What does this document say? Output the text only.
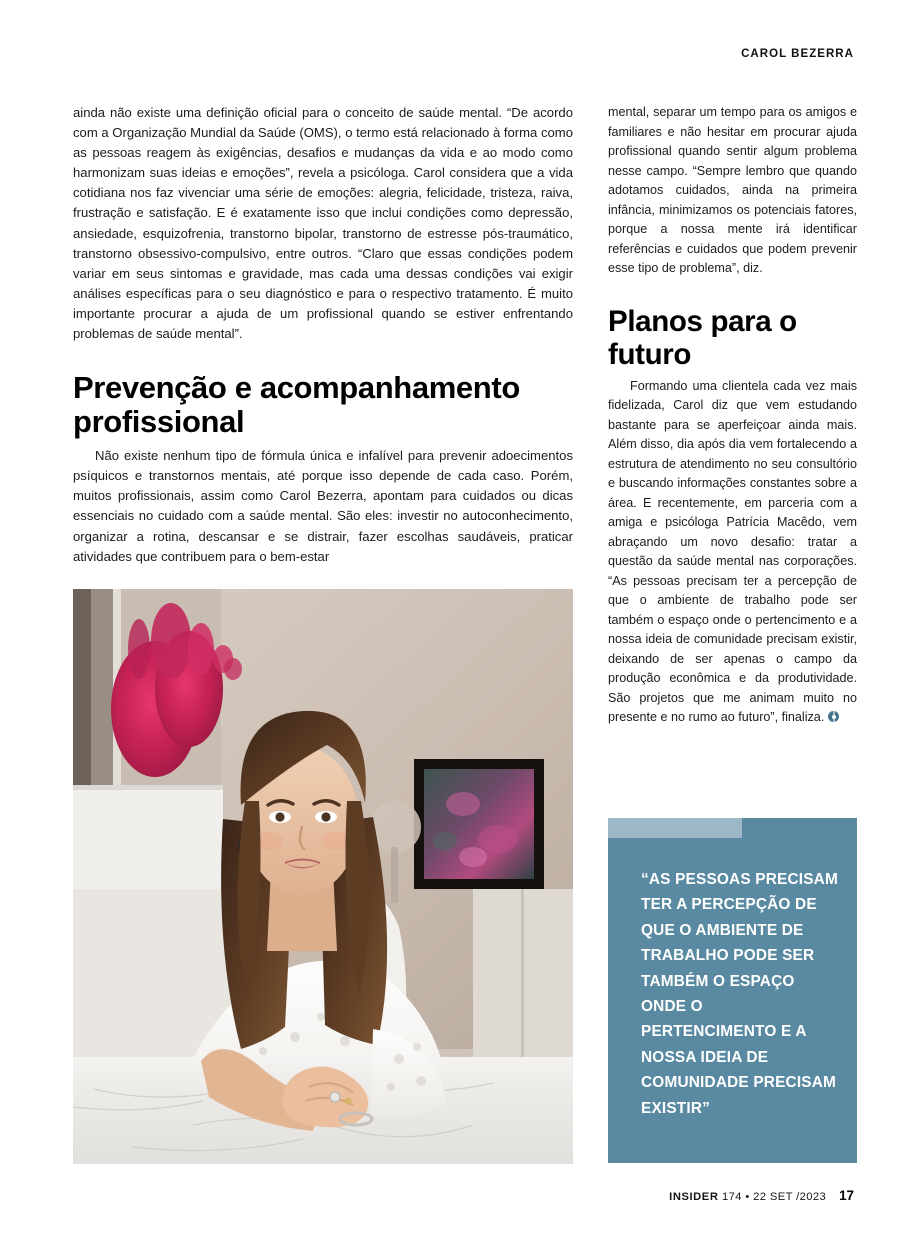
CAROL BEZERRA

ainda não existe uma definição oficial para o conceito de saúde mental. “De acordo com a Organização Mundial da Saúde (OMS), o termo está relacionado à forma como as pessoas reagem às exigências, desafios e mudanças da vida e ao modo como harmonizam suas ideias e emoções”, revela a psicóloga. Carol considera que a vida cotidiana nos faz vivenciar uma série de emoções: alegria, felicidade, tristeza, raiva, frustração e satisfação. E é exatamente isso que inclui condições como depressão, ansiedade, esquizofrenia, transtorno bipolar, transtorno de estresse pós-traumático, transtorno obsessivo-compulsivo, entre outros. “Claro que essas condições podem variar em seus sintomas e gravidade, mas cada uma dessas condições vai exigir análises específicas para o seu diagnóstico e para o respectivo tratamento. É muito importante procurar a ajuda de um profissional quando se estiver enfrentando problemas de saúde mental”.

Prevenção e acompanhamento profissional

Não existe nenhum tipo de fórmula única e infalível para prevenir adoecimentos psíquicos e transtornos mentais, até porque isso depende de cada caso. Porém, muitos profissionais, assim como Carol Bezerra, apontam para cuidados ou dicas essenciais no cuidado com a saúde mental. São eles: investir no autoconhecimento, organizar a rotina, descansar e se distrair, fazer escolhas saudáveis, praticar atividades que contribuem para o bem-estar

mental, separar um tempo para os amigos e familiares e não hesitar em procurar ajuda profissional quando sentir algum problema nesse campo. “Sempre lembro que quando adotamos cuidados, ainda na primeira infância, minimizamos os potenciais fatores, porque a nossa mente irá identificar referências e cuidados que podem prevenir esse tipo de problema”, diz.

Planos para o futuro

Formando uma clientela cada vez mais fidelizada, Carol diz que vem estudando bastante para se aperfeiçoar ainda mais. Além disso, dia após dia vem fortalecendo a estrutura de atendimento no seu consultório e buscando informações constantes sobre a área. E recentemente, em parceria com a amiga e psicóloga Patrícia Macêdo, vem abraçando um novo desafio: tratar a questão da saúde mental nas corporações. “As pessoas precisam ter a percepção de que o ambiente de trabalho pode ser também o espaço onde o pertencimento e a nossa ideia de comunidade precisam existir, deixando de ser apenas o campo da produção econômica e da produtividade. São projetos que me animam muito no presente e no rumo ao futuro”, finaliza.

“AS PESSOAS PRECISAM TER A PERCEPÇÃO DE QUE O AMBIENTE DE TRABALHO PODE SER TAMBÉM O ESPAÇO ONDE O PERTENCIMENTO E A NOSSA IDEIA DE COMUNIDADE PRECISAM EXISTIR”
INSIDER 174 • 22 SET /2023 17
